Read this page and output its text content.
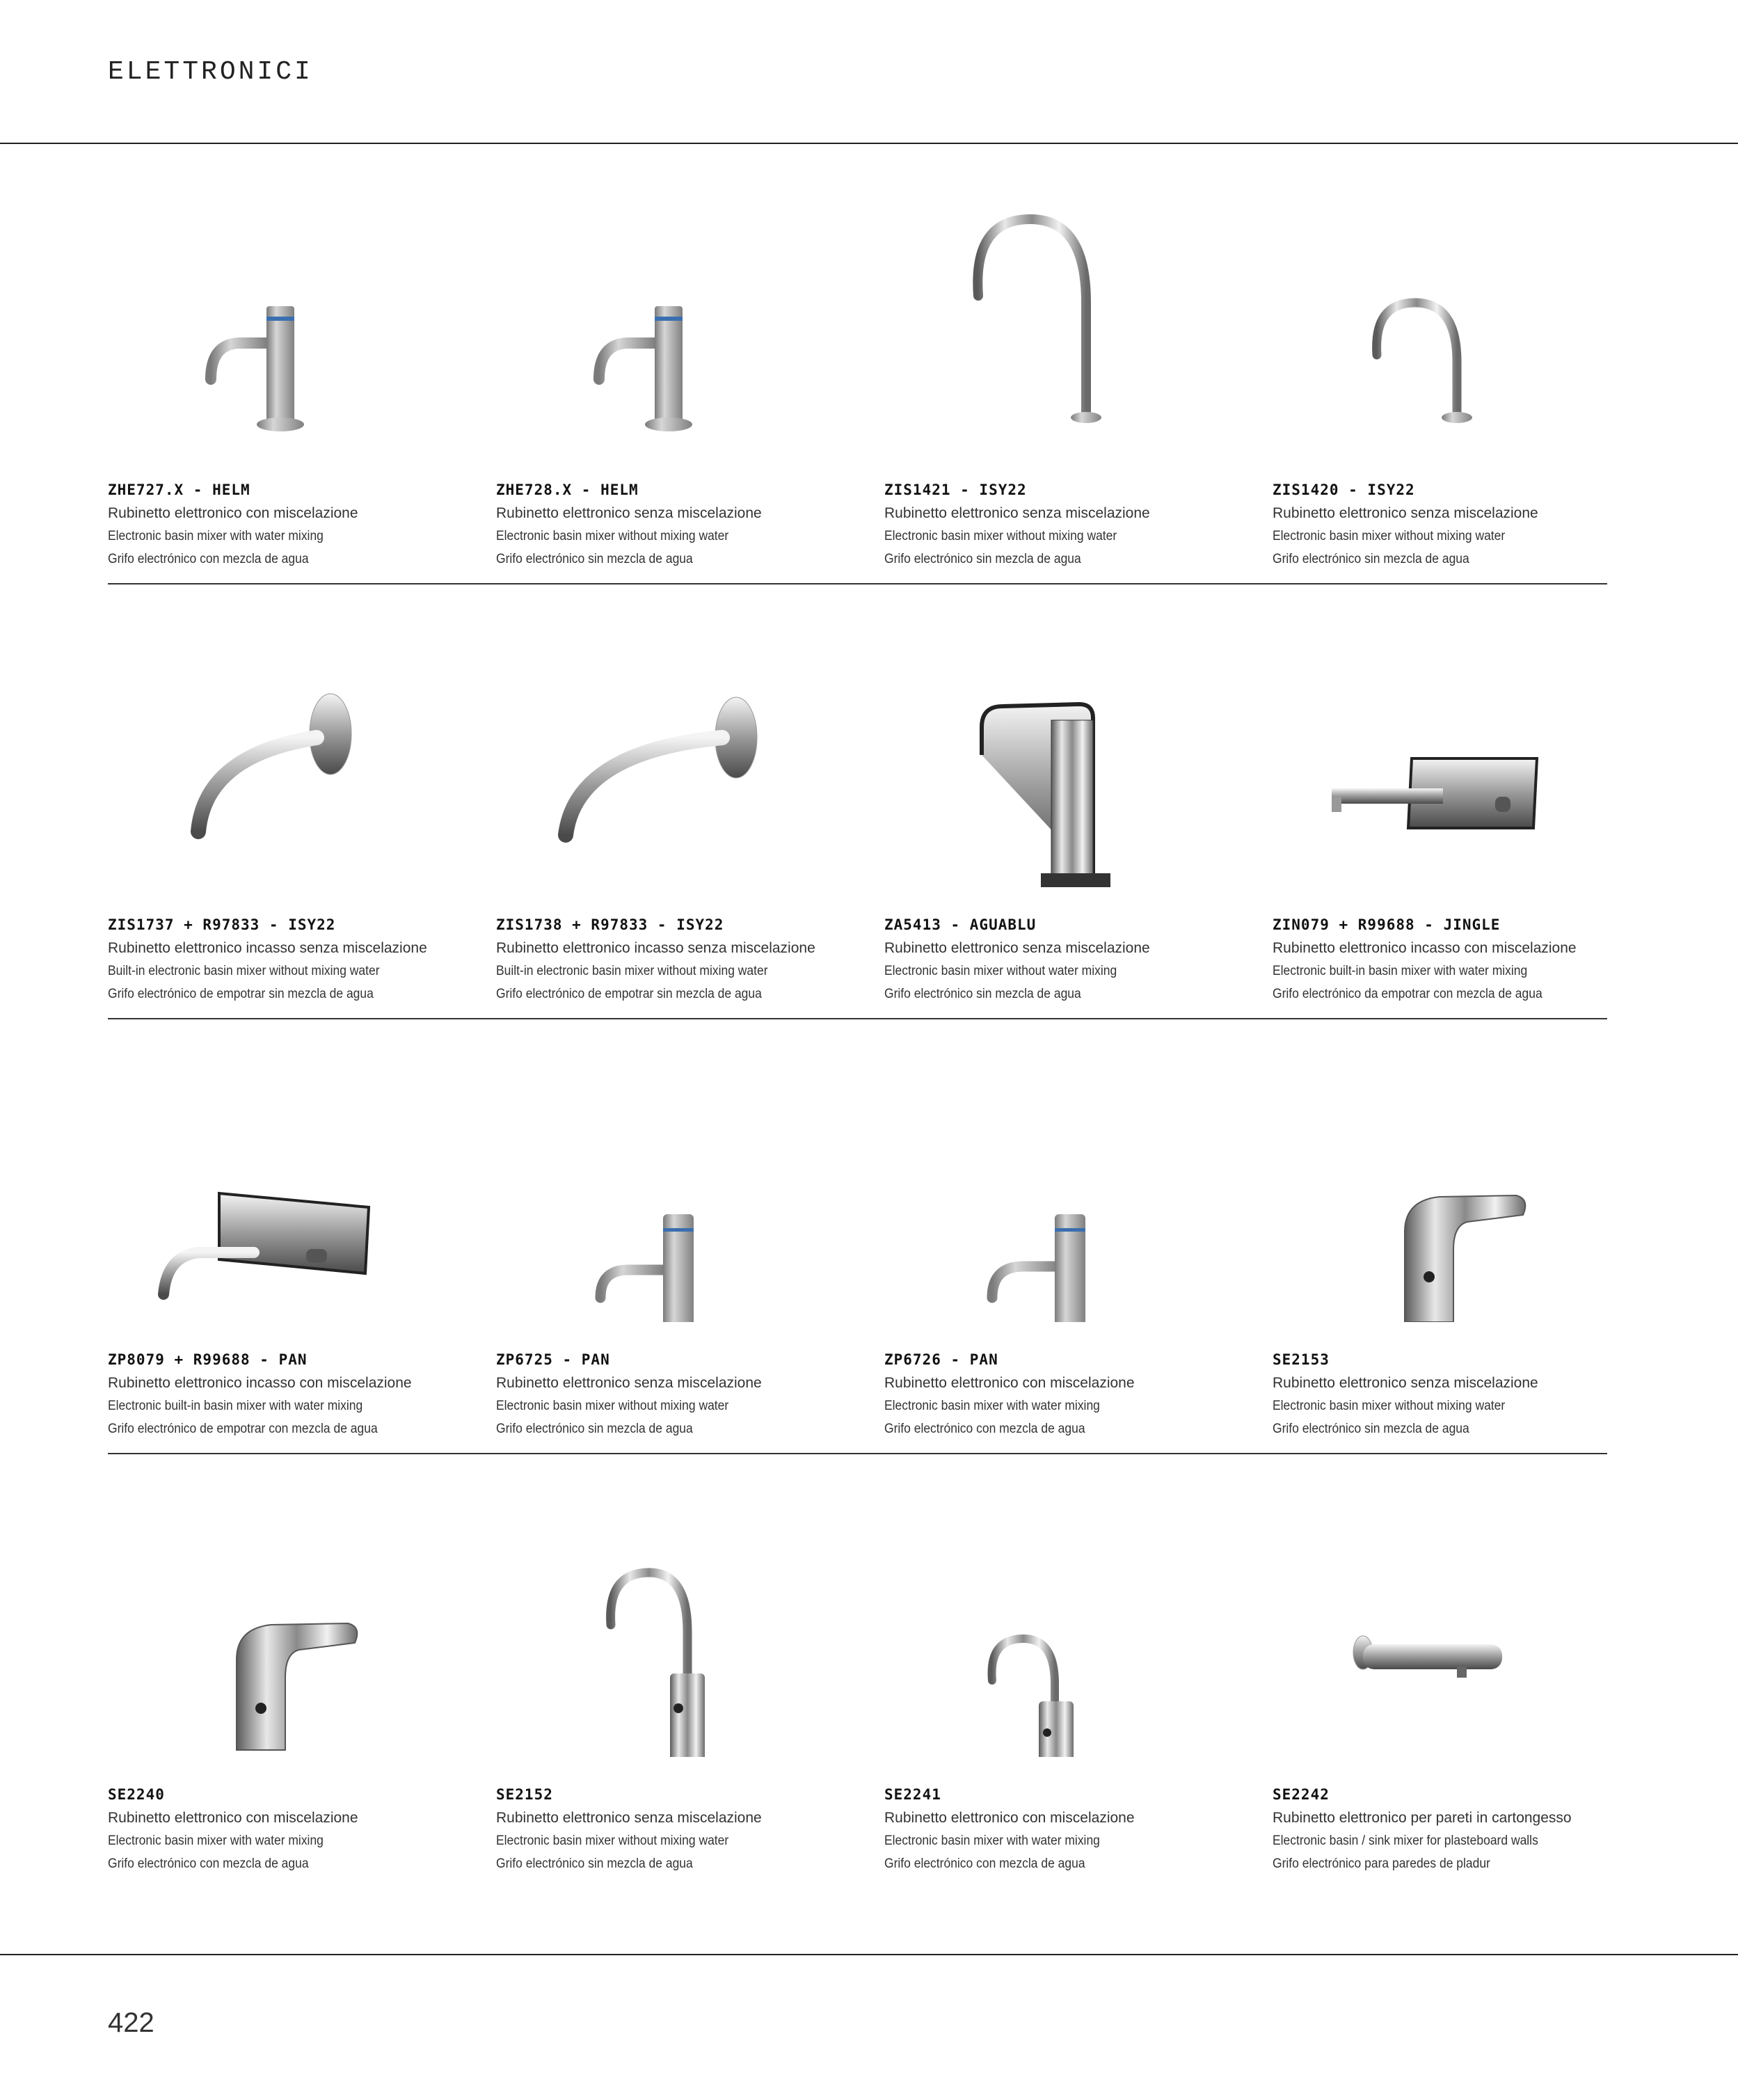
ELETTRONICI
ZHE727.X - HELM
Rubinetto elettronico con miscelazione
Electronic basin mixer with water mixing
Grifo electrónico con mezcla de agua
ZHE728.X - HELM
Rubinetto elettronico senza miscelazione
Electronic basin mixer without mixing water
Grifo electrónico sin mezcla de agua
ZIS1421 - ISY22
Rubinetto elettronico senza miscelazione
Electronic basin mixer without mixing water
Grifo electrónico sin mezcla de agua
ZIS1420 - ISY22
Rubinetto elettronico senza miscelazione
Electronic basin mixer without mixing water
Grifo electrónico sin mezcla de agua
ZIS1737 + R97833 - ISY22
Rubinetto elettronico incasso senza miscelazione
Built-in electronic basin mixer without mixing water
Grifo electrónico de empotrar sin mezcla de agua
ZIS1738 + R97833 - ISY22
Rubinetto elettronico incasso senza miscelazione
Built-in electronic basin mixer without mixing water
Grifo electrónico de empotrar sin mezcla de agua
ZA5413 - AGUABLU
Rubinetto elettronico senza miscelazione
Electronic basin mixer without water mixing
Grifo electrónico sin mezcla de agua
ZIN079 + R99688 - JINGLE
Rubinetto elettronico incasso con miscelazione
Electronic built-in basin mixer with water mixing
Grifo electrónico da empotrar con mezcla de agua
ZP8079 + R99688 - PAN
Rubinetto elettronico incasso con miscelazione
Electronic built-in basin mixer with water mixing
Grifo electrónico de empotrar con mezcla de agua
ZP6725 - PAN
Rubinetto elettronico senza miscelazione
Electronic basin mixer without mixing water
Grifo electrónico sin mezcla de agua
ZP6726 - PAN
Rubinetto elettronico con miscelazione
Electronic basin mixer with water mixing
Grifo electrónico con mezcla de agua
SE2153
Rubinetto elettronico senza miscelazione
Electronic basin mixer without mixing water
Grifo electrónico sin mezcla de agua
SE2240
Rubinetto elettronico con miscelazione
Electronic basin mixer with water mixing
Grifo electrónico con mezcla de agua
SE2152
Rubinetto elettronico senza miscelazione
Electronic basin mixer without mixing water
Grifo electrónico sin mezcla de agua
SE2241
Rubinetto elettronico con miscelazione
Electronic basin mixer with water mixing
Grifo electrónico con mezcla de agua
SE2242
Rubinetto elettronico per pareti in cartongesso
Electronic basin / sink mixer for plasteboard walls
Grifo electrónico para paredes de pladur
422
